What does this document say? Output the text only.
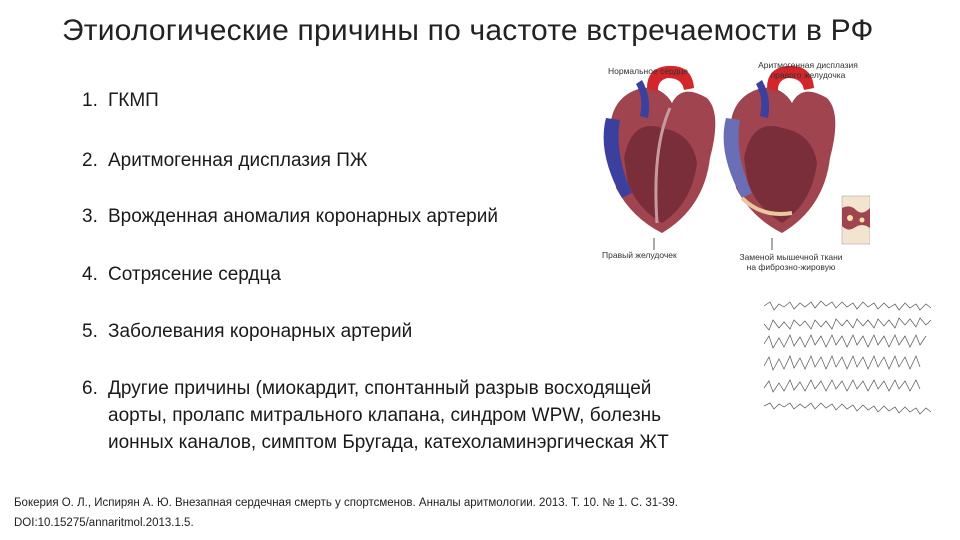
Этиологические причины по частоте встречаемости в РФ
1. ГКМП
2. Аритмогенная дисплазия ПЖ
3. Врожденная аномалия коронарных артерий
4. Сотрясение сердца
5. Заболевания коронарных артерий
6. Другие причины (миокардит, спонтанный разрыв восходящей
аорты, пролапс митрального клапана, синдром WPW, болезнь
ионных каналов, симптом Бругада, катехоламинэргическая ЖТ
Нормальное сердце
Аритмогенная дисплазия
правого желудочка
Правый желудочек	Заменой мышечной ткани
на фиброзно-жировую
Бокерия О. Л., Испирян А. Ю. Внезапная сердечная смерть у спортсменов. Анналы аритмологии. 2013. Т. 10. № 1. С. 31-39.
DOI:10.15275/annaritmol.2013.1.5.
